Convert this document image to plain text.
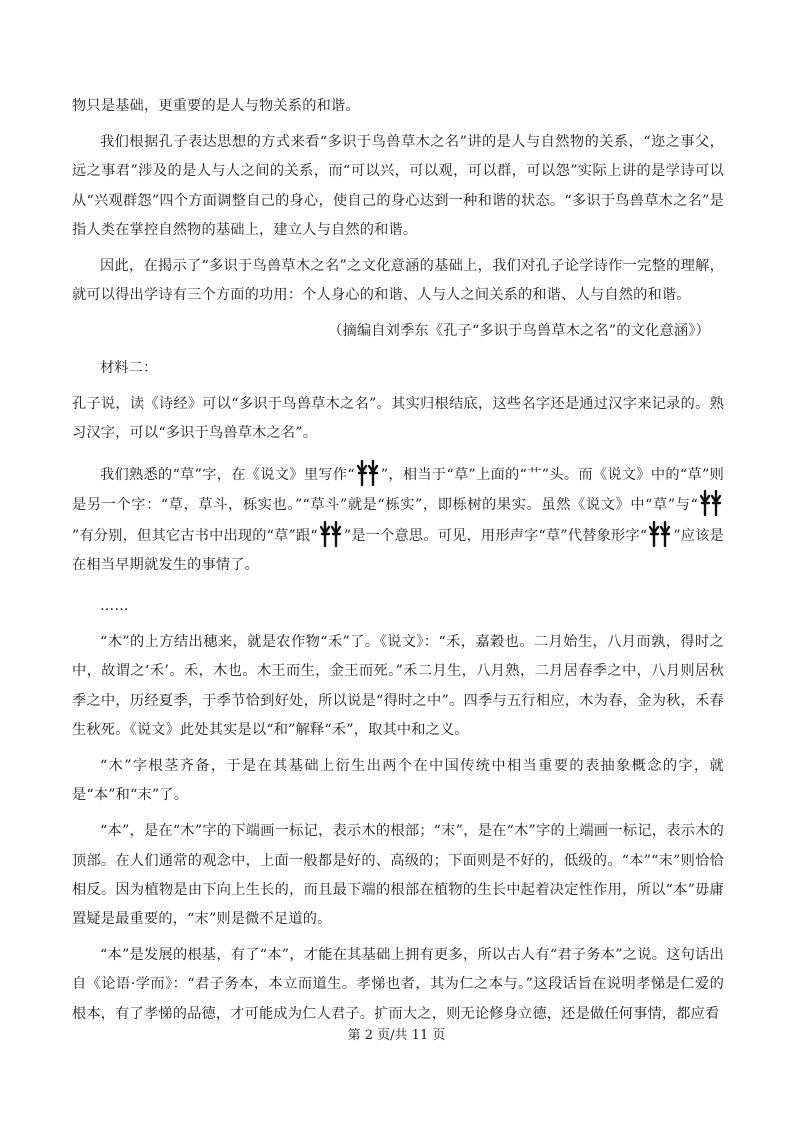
物只是基础，更重要的是人与物关系的和谐。

我们根据孔子表达思想的方式来看“多识于鸟兽草木之名”讲的是人与自然物的关系，“迩之事父，远之事君”涉及的是人与人之间的关系，而“可以兴，可以观，可以群，可以怨”实际上讲的是学诗可以从“兴观群怨”四个方面调整自己的身心，使自己的身心达到一种和谐的状态。“多识于鸟兽草木之名”是指人类在掌控自然物的基础上，建立人与自然的和谐。

因此，在揭示了“多识于鸟兽草木之名”之文化意涵的基础上，我们对孔子论学诗作一完整的理解，就可以得出学诗有三个方面的功用：个人身心的和谐、人与人之间关系的和谐、人与自然的和谐。

（摘编自刘季东《孔子“多识于鸟兽草木之名”的文化意涵》）

材料二：

孔子说，读《诗经》可以“多识于鸟兽草木之名”。其实归根结底，这些名字还是通过汉字来记录的。熟习汉字，可以“多识于鸟兽草木之名”。

我们熟悉的“草”字，在《说文》里写作“ ”，相当于“草”上面的“艹”头。而《说文》中的“草”则是另一个字：“草，草斗，栎实也。”“草斗”就是“栎实”，即栎树的果实。虽然《说文》中“草”与“
”有分别，但其它古书中出现的“草”跟“ ”是一个意思。可见，用形声字“草”代替象形字“ ”应该是在相当早期就发生的事情了。

……

“木”的上方结出穗来，就是农作物“禾”了。《说文》：“禾，嘉穀也。二月始生，八月而孰，得时之中，故谓之‘禾’。禾，木也。木王而生，金王而死。”禾二月生，八月熟，二月居春季之中，八月则居秋季之中，历经夏季，于季节恰到好处，所以说是“得时之中”。四季与五行相应，木为春，金为秋，禾春生秋死。《说文》此处其实是以“和”解释“禾”，取其中和之义。

“木”字根茎齐备，于是在其基础上衍生出两个在中国传统中相当重要的表抽象概念的字，就是“本”和“末”了。

“本”，是在“木”字的下端画一标记，表示木的根部；“末”，是在“木”字的上端画一标记，表示木的顶部。在人们通常的观念中，上面一般都是好的、高级的；下面则是不好的，低级的。“本”“末”则恰恰相反。因为植物是由下向上生长的，而且最下端的根部在植物的生长中起着决定性作用，所以“本”毋庸置疑是最重要的，“末”则是微不足道的。

“本”是发展的根基，有了“本”，才能在其基础上拥有更多，所以古人有“君子务本”之说。这句话出自《论语·学而》：“君子务本，本立而道生。孝悌也者，其为仁之本与。”这段话旨在说明孝悌是仁爱的根本，有了孝悌的品德，才可能成为仁人君子。扩而大之，则无论修身立德，还是做任何事情，都应看

第 2 页/共 11 页
